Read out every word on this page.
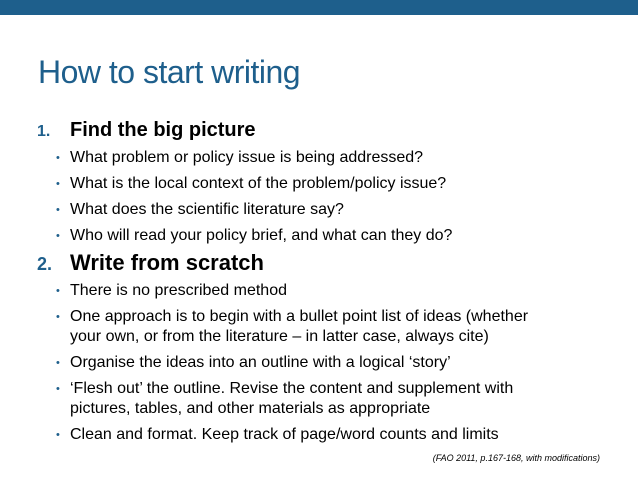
How to start writing
1. Find the big picture
• What problem or policy issue is being addressed?
• What is the local context of the problem/policy issue?
• What does the scientific literature say?
• Who will read your policy brief, and what can they do?
2. Write from scratch
• There is no prescribed method
• One approach is to begin with a bullet point list of ideas (whether
your own, or from the literature – in latter case, always cite)
• Organise the ideas into an outline with a logical ‘story’
• ‘Flesh out’ the outline. Revise the content and supplement with
pictures, tables, and other materials as appropriate
• Clean and format. Keep track of page/word counts and limits
(FAO 2011, p.167-168, with modifications)
